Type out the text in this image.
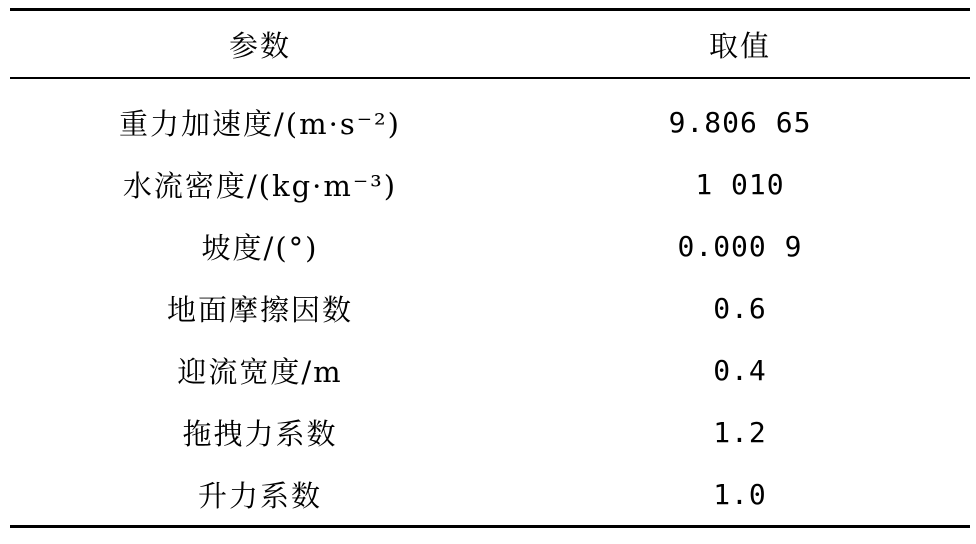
参数	取值
重力加速度/(m·s⁻²)	9.806 65
水流密度/(kg·m⁻³)	1 010
坡度/(°)	0.000 9
地面摩擦因数	0.6
迎流宽度/m	0.4
拖拽力系数	1.2
升力系数	1.0
